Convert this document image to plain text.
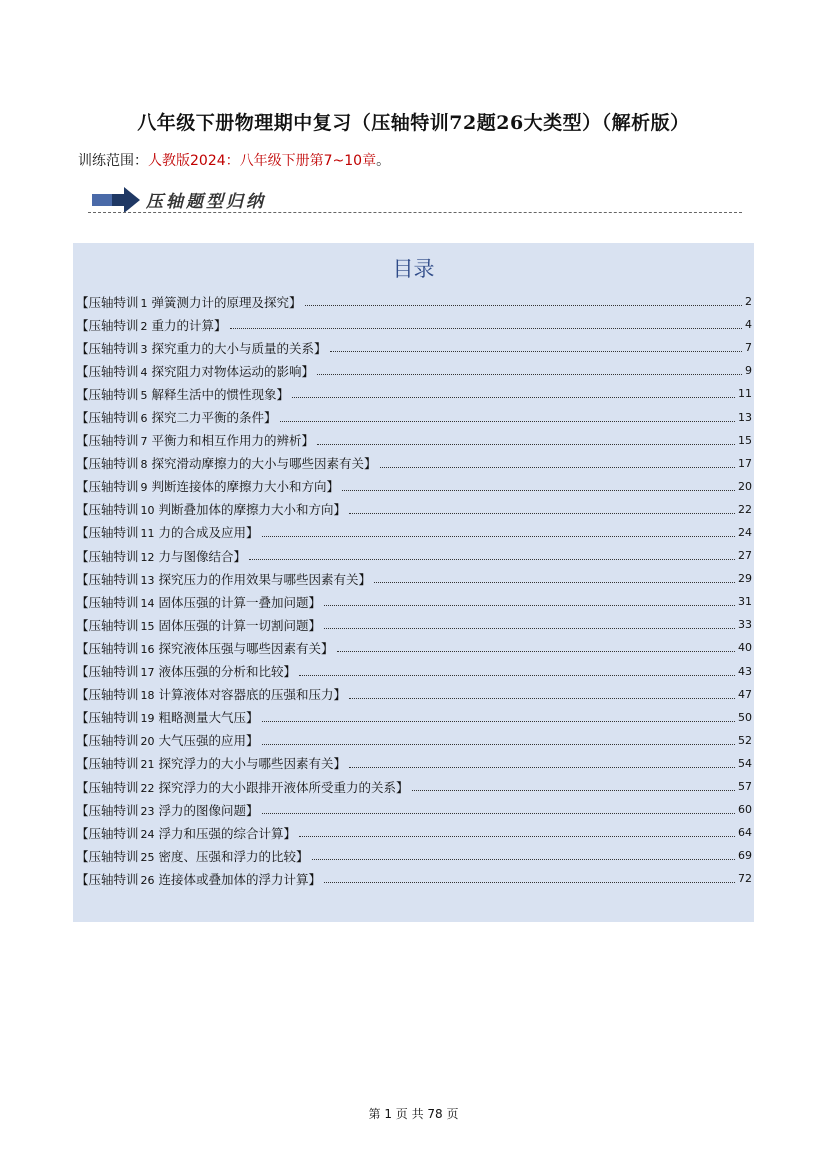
八年级下册物理期中复习（压轴特训72题26大类型）（解析版）
训练范围：人教版2024：八年级下册第7~10章。
压轴题型归纳
目录
【压轴特训 1 弹簧测力计的原理及探究】	2
【压轴特训 2 重力的计算】	4
【压轴特训 3 探究重力的大小与质量的关系】	7
【压轴特训 4 探究阻力对物体运动的影响】	9
【压轴特训 5 解释生活中的惯性现象】	11
【压轴特训 6 探究二力平衡的条件】	13
【压轴特训 7 平衡力和相互作用力的辨析】	15
【压轴特训 8 探究滑动摩擦力的大小与哪些因素有关】	17
【压轴特训 9 判断连接体的摩擦力大小和方向】	20
【压轴特训 10 判断叠加体的摩擦力大小和方向】	22
【压轴特训 11 力的合成及应用】	24
【压轴特训 12 力与图像结合】	27
【压轴特训 13 探究压力的作用效果与哪些因素有关】	29
【压轴特训 14 固体压强的计算一叠加问题】	31
【压轴特训 15 固体压强的计算一切割问题】	33
【压轴特训 16 探究液体压强与哪些因素有关】	40
【压轴特训 17 液体压强的分析和比较】	43
【压轴特训 18 计算液体对容器底的压强和压力】	47
【压轴特训 19 粗略测量大气压】	50
【压轴特训 20 大气压强的应用】	52
【压轴特训 21 探究浮力的大小与哪些因素有关】	54
【压轴特训 22 探究浮力的大小跟排开液体所受重力的关系】	57
【压轴特训 23 浮力的图像问题】	60
【压轴特训 24 浮力和压强的综合计算】	64
【压轴特训 25 密度、压强和浮力的比较】	69
【压轴特训 26 连接体或叠加体的浮力计算】	72
第 1 页 共 78 页
